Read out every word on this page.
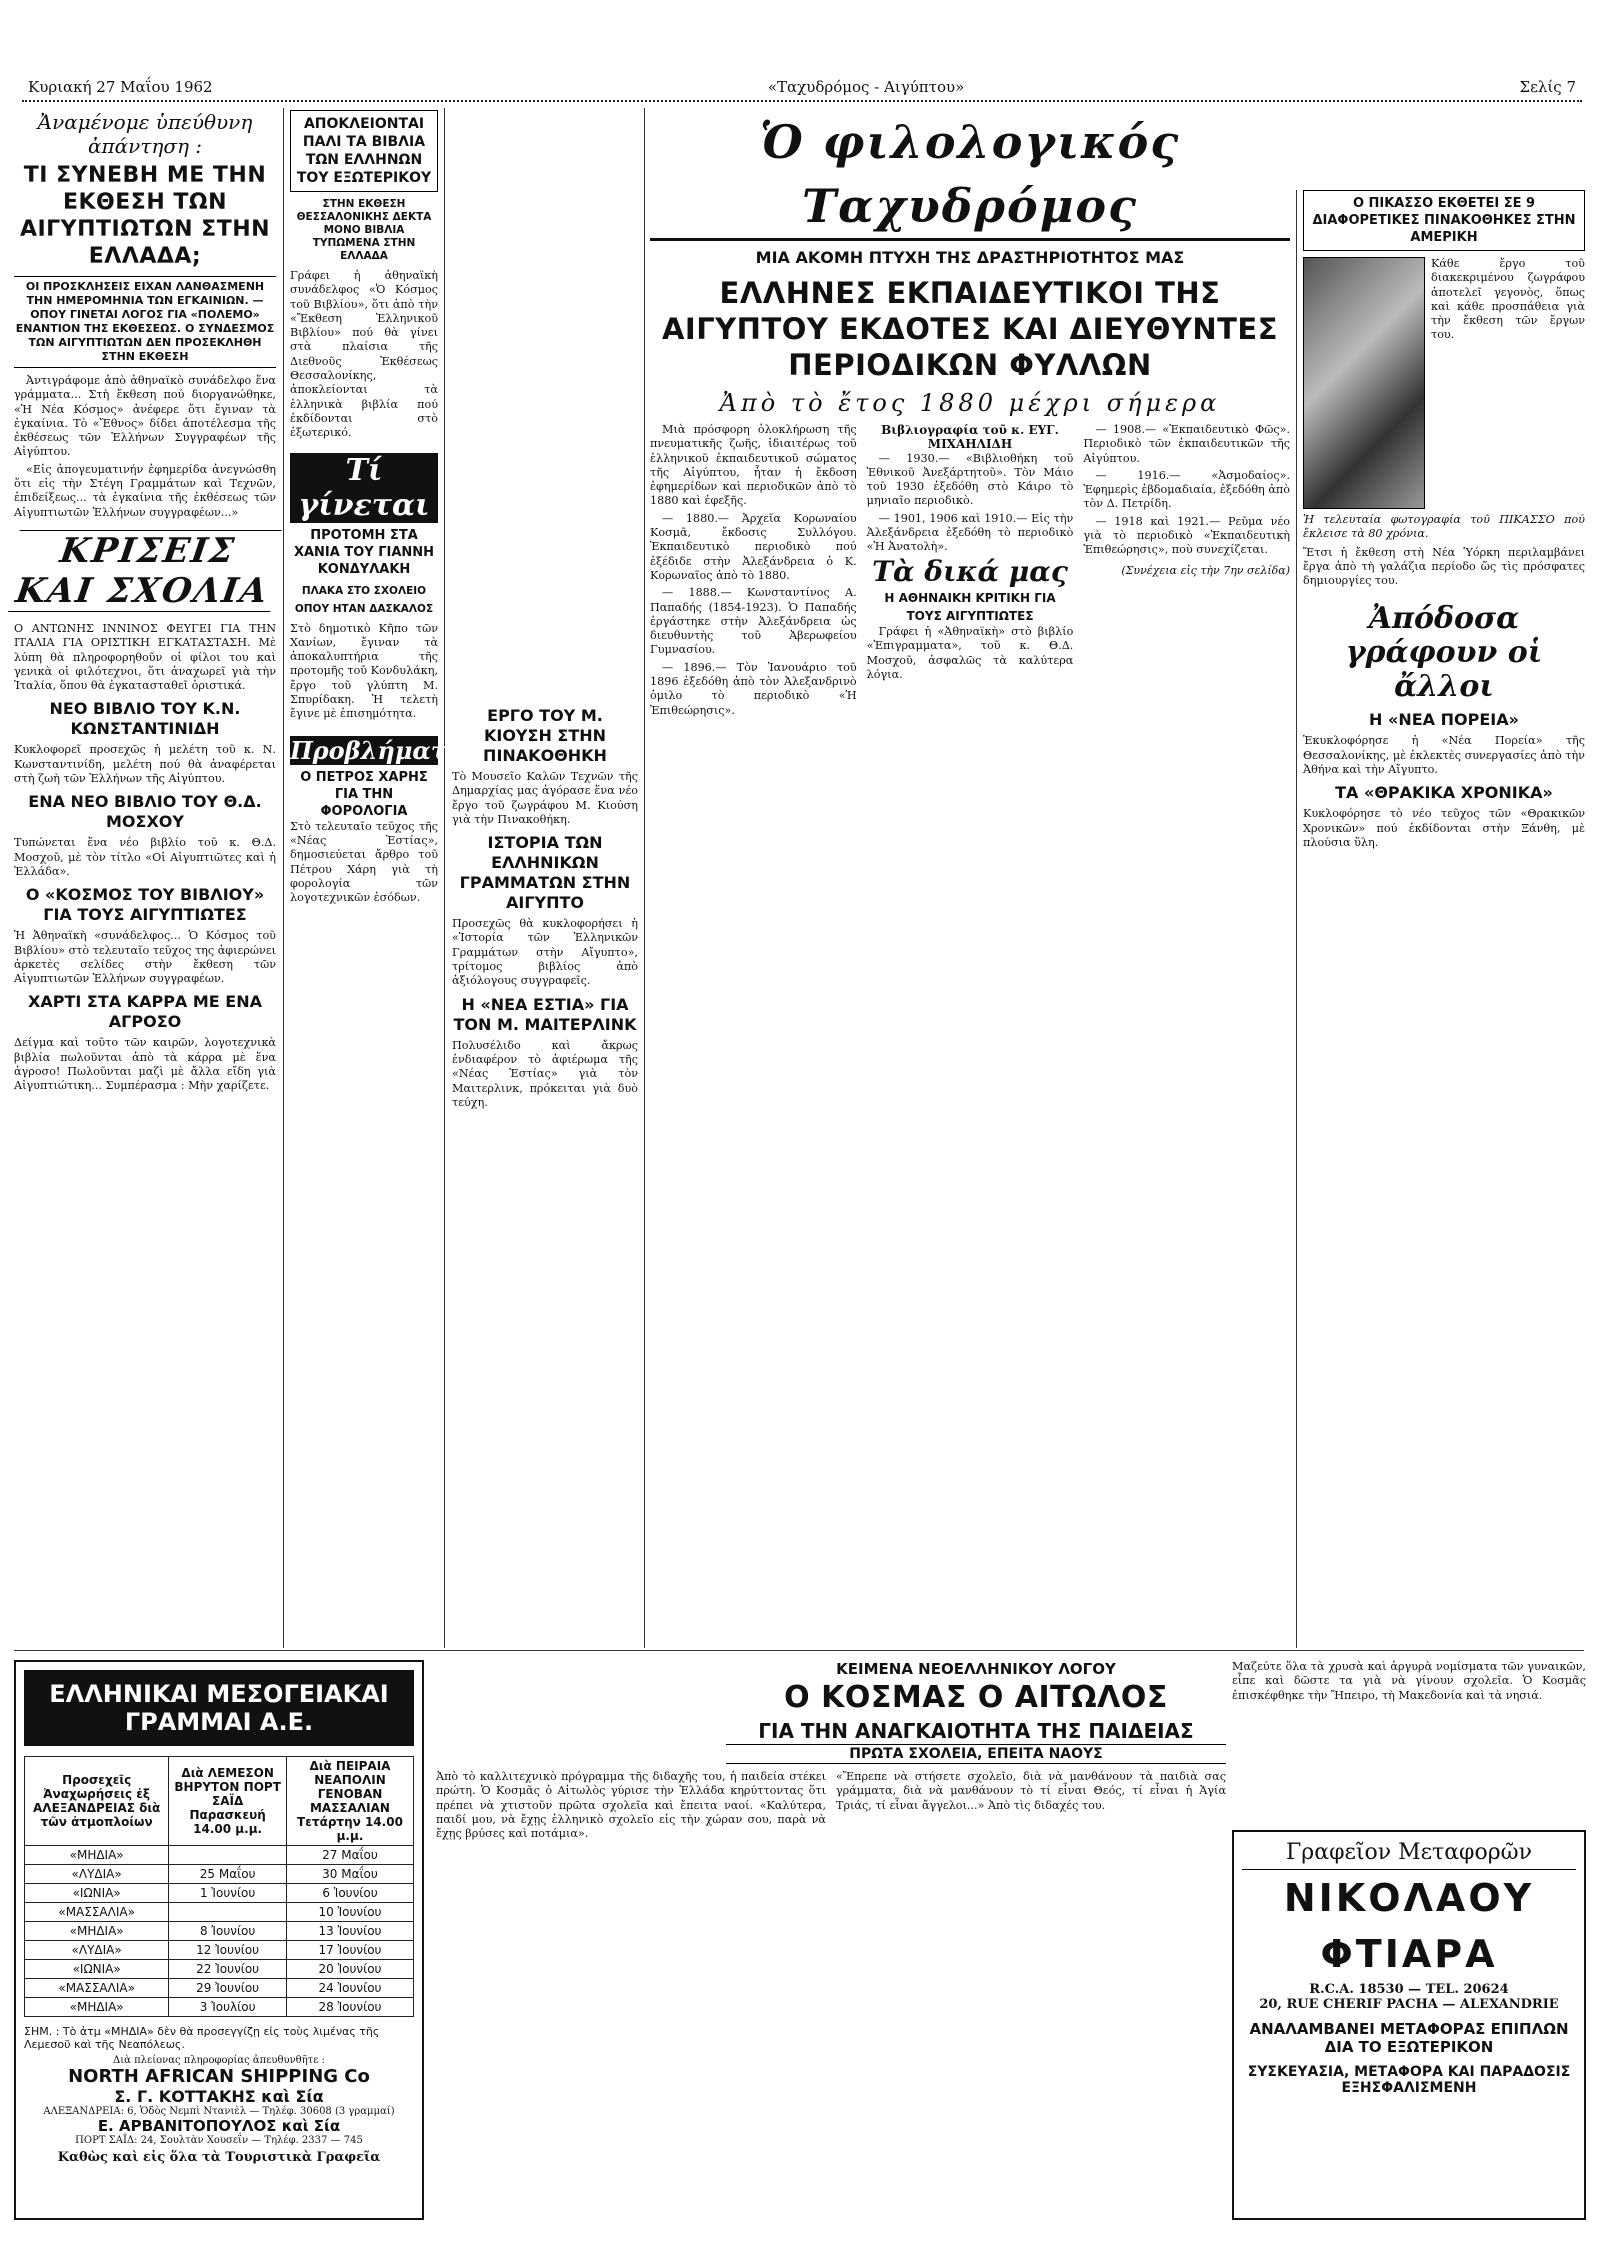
Κυριακή 27 Μαΐου 1962	«Ταχυδρόμος - Αιγύπτου»	Σελίς 7
Ἀναμένομε ὑπεύθυνη ἀπάντηση :
ΤΙ ΣΥΝΕΒΗ ΜΕ ΤΗΝ ΕΚΘΕΣΗ ΤΩΝ ΑΙΓΥΠΤΙΩΤΩΝ ΣΤΗΝ ΕΛΛΑΔΑ;
ΟΙ ΠΡΟΣΚΛΗΣΕΙΣ ΕΙΧΑΝ ΛΑΝΘΑΣΜΕΝΗ ΤΗΝ ΗΜΕΡΟΜΗΝΙΑ ΤΩΝ ΕΓΚΑΙΝΙΩΝ. — ΟΠΟΥ ΓΙΝΕΤΑΙ ΛΟΓΟΣ ΓΙΑ «ΠΟΛΕΜΟ» ΕΝΑΝΤΙΟΝ ΤΗΣ ΕΚΘΕΣΕΩΣ. Ο ΣΥΝΔΕΣΜΟΣ ΤΩΝ ΑΙΓΥΠΤΙΩΤΩΝ ΔΕΝ ΠΡΟΣΕΚΛΗΘΗ ΣΤΗΝ ΕΚΘΕΣΗ

Ἀντιγράφομε ἀπὸ ἀθηναϊκὸ συνάδελφο ἕνα γράμματα... Στὴ ἔκθεση πού διοργανώθηκε, «Ἡ Νέα Κόσμος» ἀνέφερε ὅτι ἔγιναν τὰ ἐγκαίνια. Τὸ «Ἔθνος» δίδει ἀποτέλεσμα τῆς ἐκθέσεως τῶν Ἑλλήνων Συγγραφέων τῆς Αἰγύπτου.

«Εἰς ἀπογευματινήν ἐφημερίδα ἀνεγνώσθη ὅτι εἰς τὴν Στέγη Γραμμάτων καὶ Τεχνῶν, ἐπιδείξεως... τὰ ἐγκαίνια τῆς ἐκθέσεως τῶν Αἰγυπτιωτῶν Ἑλλήνων συγγραφέων...»

ΚΡΙΣΕΙΣ ΚΑΙ ΣΧΟΛΙΑ
Ο ΑΝΤΩΝΗΣ ΙΝΝΙΝΟΣ ΦΕΥΓΕΙ ΓΙΑ ΤΗΝ ΙΤΑΛΙΑ ΓΙΑ ΟΡΙΣΤΙΚΗ ΕΓΚΑΤΑΣΤΑΣΗ. Μὲ λύπη θὰ πληροφορηθοῦν οἱ φίλοι του καὶ γενικὰ οἱ φιλότεχνοι, ὅτι ἀναχωρεῖ γιὰ τὴν Ἰταλία, ὅπου θὰ ἐγκατασταθεῖ ὁριστικά.
ΝΕΟ ΒΙΒΛΙΟ ΤΟΥ Κ.Ν. ΚΩΝΣΤΑΝΤΙΝΙΔΗ
Κυκλοφορεῖ προσεχῶς ἡ μελέτη τοῦ κ. Ν. Κωνσταντινίδη, μελέτη πού θὰ ἀναφέρεται στὴ ζωὴ τῶν Ἑλλήνων τῆς Αἰγύπτου.
ΕΝΑ ΝΕΟ ΒΙΒΛΙΟ ΤΟΥ Θ.Δ. ΜΟΣΧΟΥ
Τυπώνεται ἕνα νέο βιβλίο τοῦ κ. Θ.Δ. Μοσχοῦ, μὲ τὸν τίτλο «Οἱ Αἰγυπτιῶτες καὶ ἡ Ἑλλάδα».
Ο «ΚΟΣΜΟΣ ΤΟΥ ΒΙΒΛΙΟΥ» ΓΙΑ ΤΟΥΣ ΑΙΓΥΠΤΙΩΤΕΣ
Ἡ Ἀθηναϊκὴ «συνάδελφος... Ὁ Κόσμος τοῦ Βιβλίου» στὸ τελευταῖο τεῦχος της ἀφιερώνει ἀρκετὲς σελίδες στὴν ἔκθεση τῶν Αἰγυπτιωτῶν Ἑλλήνων συγγραφέων.
ΧΑΡΤΙ ΣΤΑ ΚΑΡΡΑ ΜΕ ΕΝΑ ΑΓΡΟΣΟ
Δείγμα καὶ τοῦτο τῶν καιρῶν, λογοτεχνικὰ βιβλία πωλοῦνται ἀπὸ τὰ κάρρα μὲ ἕνα ἀγροσο! Πωλοῦνται μαζὶ μὲ ἄλλα εἴδη γιὰ Αἰγυπτιώτικη... Συμπέρασμα : Μὴν χαρίζετε.
ΑΠΟΚΛΕΙΟΝΤΑΙ ΠΑΛΙ ΤΑ ΒΙΒΛΙΑ ΤΩΝ ΕΛΛΗΝΩΝ ΤΟΥ ΕΞΩΤΕΡΙΚΟΥ
ΣΤΗΝ ΕΚΘΕΣΗ ΘΕΣΣΑΛΟΝΙΚΗΣ ΔΕΚΤΑ ΜΟΝΟ ΒΙΒΛΙΑ ΤΥΠΩΜΕΝΑ ΣΤΗΝ ΕΛΛΑΔΑ
Γράφει ἡ ἀθηναϊκὴ συνάδελφος «Ὁ Κόσμος τοῦ Βιβλίου», ὅτι ἀπὸ τὴν «Ἔκθεση Ἑλληνικοῦ Βιβλίου» πού θὰ γίνει στὰ πλαίσια τῆς Διεθνοῦς Ἐκθέσεως Θεσσαλονίκης, ἀποκλείονται τὰ ἑλληνικὰ βιβλία πού ἐκδίδονται στὸ ἐξωτερικό.
Τί γίνεται
ΠΡΟΤΟΜΗ ΣΤΑ ΧΑΝΙΑ ΤΟΥ ΓΙΑΝΝΗ ΚΟΝΔΥΛΑΚΗ
ΠΛΑΚΑ ΣΤΟ ΣΧΟΛΕΙΟ ΟΠΟΥ ΗΤΑΝ ΔΑΣΚΑΛΟΣ
Στὸ δημοτικὸ Κῆπο τῶν Χανίων, ἔγιναν τὰ ἀποκαλυπτήρια τῆς προτομῆς τοῦ Κονδυλάκη, ἔργο τοῦ γλύπτη Μ. Σπυρίδακη. Ἡ τελετὴ ἔγινε μὲ ἐπισημότητα.
Προβλήματα
Ο ΠΕΤΡΟΣ ΧΑΡΗΣ ΓΙΑ ΤΗΝ ΦΟΡΟΛΟΓΙΑ
Στὸ τελευταῖο τεῦχος τῆς «Νέας Ἑστίας», δημοσιεύεται ἄρθρο τοῦ Πέτρου Χάρη γιὰ τὴ φορολογία τῶν λογοτεχνικῶν ἐσόδων.
ΕΡΓΟ ΤΟΥ Μ. ΚΙΟΥΣΗ ΣΤΗΝ ΠΙΝΑΚΟΘΗΚΗ
Τὸ Μουσεῖο Καλῶν Τεχνῶν τῆς Δημαρχίας μας ἀγόρασε ἕνα νέο ἔργο τοῦ ζωγράφου Μ. Κιούση γιὰ τὴν Πινακοθήκη.
ΙΣΤΟΡΙΑ ΤΩΝ ΕΛΛΗΝΙΚΩΝ ΓΡΑΜΜΑΤΩΝ ΣΤΗΝ ΑΙΓΥΠΤΟ
Προσεχῶς θὰ κυκλοφορήσει ἡ «Ἱστορία τῶν Ἑλληνικῶν Γραμμάτων στὴν Αἴγυπτο», τρίτομος βιβλίος ἀπὸ ἀξιόλογους συγγραφεῖς.
Η «ΝΕΑ ΕΣΤΙΑ» ΓΙΑ ΤΟΝ Μ. ΜΑΙΤΕΡΛΙΝΚ
Πολυσέλιδο καὶ ἄκρως ἐνδιαφέρον τὸ ἀφιέρωμα τῆς «Νέας Ἑστίας» γιὰ τὸν Μαιτερλινκ, πρόκειται γιὰ δυὸ τεύχη.
Ὁ φιλολογικός Ταχυδρόμος
ΜΙΑ ΑΚΟΜΗ ΠΤΥΧΗ ΤΗΣ ΔΡΑΣΤΗΡΙΟΤΗΤΟΣ ΜΑΣ
ΕΛΛΗΝΕΣ ΕΚΠΑΙΔΕΥΤΙΚΟΙ ΤΗΣ ΑΙΓΥΠΤΟΥ ΕΚΔΟΤΕΣ ΚΑΙ ΔΙΕΥΘΥΝΤΕΣ ΠΕΡΙΟΔΙΚΩΝ ΦΥΛΛΩΝ
Ἀπὸ τὸ ἔτος 1880 μέχρι σήμερα

Μιὰ πρόσφορη ὁλοκλήρωση τῆς πνευματικῆς ζωῆς, ἰδιαιτέρως τοῦ ἑλληνικοῦ ἐκπαιδευτικοῦ σώματος τῆς Αἰγύπτου, ἦταν ἡ ἔκδοση ἐφημερίδων καὶ περιοδικῶν ἀπὸ τὸ 1880 καὶ ἐφεξῆς.

— 1880.— Ἀρχεῖα Κορωναίου Κοσμᾶ, ἔκδοσις Συλλόγου. Ἐκπαιδευτικὸ περιοδικὸ πού ἐξέδιδε στὴν Ἀλεξάνδρεια ὁ Κ. Κορωναῖος ἀπὸ τὸ 1880.

— 1888.— Κωνσταντίνος Α. Παπαδής (1854-1923). Ὁ Παπαδής ἐργάστηκε στὴν Ἀλεξάνδρεια ὡς διευθυντὴς τοῦ Ἀβερωφείου Γυμνασίου.

— 1896.— Τὸν Ἰανουάριο τοῦ 1896 ἐξεδόθη ἀπὸ τὸν Ἀλεξανδρινὸ ὁμιλο τὸ περιοδικὸ «Ἡ Ἐπιθεώρησις».

Βιβλιογραφία τοῦ κ. ΕΥΓ. ΜΙΧΑΗΛΙΔΗ

— 1930.— «Βιβλιοθήκη τοῦ Ἐθνικοῦ Ἀνεξάρτητοῦ». Τὸν Μάιο τοῦ 1930 ἐξεδόθη στὸ Κάιρο τὸ μηνιαῖο περιοδικὸ.

— 1901, 1906 καὶ 1910.— Εἰς τὴν Ἀλεξάνδρεια ἐξεδόθη τὸ περιοδικὸ «Ἡ Ἀνατολὴ».

Τὰ δικά μας
Η ΑΘΗΝΑΙΚΗ ΚΡΙΤΙΚΗ ΓΙΑ ΤΟΥΣ ΑΙΓΥΠΤΙΩΤΕΣ

Γράφει ἡ «Ἀθηναϊκὴ» στὸ βιβλίο «Ἐπιγραμματα», τοῦ κ. Θ.Δ. Μοσχοῦ, ἀσφαλῶς τὰ καλύτερα λόγια.

— 1908.— «Ἐκπαιδευτικὸ Φῶς». Περιοδικὸ τῶν ἐκπαιδευτικῶν τῆς Αἰγύπτου.

— 1916.— «Ἀσμοδαίος». Ἐφημερὶς ἐβδομαδιαία, ἐξεδόθη ἀπὸ τὸν Δ. Πετρίδη.

— 1918 καὶ 1921.— Ρεῦμα νέο γιὰ τὸ περιοδικὸ «Ἐκπαιδευτικὴ Ἐπιθεώρησις», ποὺ συνεχίζεται.

(Συνέχεια εἰς τὴν 7ην σελίδα)
Ο ΠΙΚΑΣΣΟ ΕΚΘΕΤΕΙ ΣΕ 9 ΔΙΑΦΟΡΕΤΙΚΕΣ ΠΙΝΑΚΟΘΗΚΕΣ ΣΤΗΝ ΑΜΕΡΙΚΗ
Κάθε ἔργο τοῦ διακεκριμένου ζωγράφου ἀποτελεῖ γεγονὸς, ὅπως καὶ κάθε προσπάθεια γιὰ τὴν ἔκθεση τῶν ἔργων του.
Ἡ τελευταία φωτογραφία τοῦ ΠΙΚΑΣΣΟ πού ἔκλεισε τὰ 80 χρόνια.
Ἔτσι ἡ ἔκθεση στὴ Νέα Ὑόρκη περιλαμβάνει ἔργα ἀπὸ τὴ γαλάζια περίοδο ὥς τὶς πρόσφατες δημιουργίες του.
Ἀπόδοσα γράφουν οἱ ἄλλοι
Η «ΝΕΑ ΠΟΡΕΙΑ»
Ἐκυκλοφόρησε ἡ «Νέα Πορεία» τῆς Θεσσαλονίκης, μὲ ἐκλεκτὲς συνεργασίες ἀπὸ τὴν Ἀθήνα καὶ τὴν Αἴγυπτο.
ΤΑ «ΘΡΑΚΙΚΑ ΧΡΟΝΙΚΑ»
Κυκλοφόρησε τὸ νέο τεῦχος τῶν «Θρακικῶν Χρονικῶν» πού ἐκδίδονται στὴν Ξάνθη, μὲ πλούσια ὕλη.
ΕΛΛΗΝΙΚΑΙ ΜΕΣΟΓΕΙΑΚΑΙ ΓΡΑΜΜΑΙ Α.Ε.
Προσεχεῖς Ἀναχωρήσεις ἐξ ΑΛΕΞΑΝΔΡΕΙΑΣ διὰ τῶν ἀτμοπλοίων	Διὰ ΛΕΜΕΣΟΝ ΒΗΡΥΤΟΝ ΠΟΡΤ ΣΑΪΔ Παρασκευή 14.00 μ.μ.	Διὰ ΠΕΙΡΑΙΑ ΝΕΑΠΟΛΙΝ ΓΕΝΟΒΑΝ ΜΑΣΣΑΛΙΑΝ Τετάρτην 14.00 μ.μ.
«ΜΗΔΙΑ»		27 Μαΐου
«ΛΥΔΙΑ»	25 Μαΐου	30 Μαΐου
«ΙΩΝΙΑ»	1 Ἰουνίου	6 Ἰουνίου
«ΜΑΣΣΑΛΙΑ»		10 Ἰουνίου
«ΜΗΔΙΑ»	8 Ἰουνίου	13 Ἰουνίου
«ΛΥΔΙΑ»	12 Ἰουνίου	17 Ἰουνίου
«ΙΩΝΙΑ»	22 Ἰουνίου	20 Ἰουνίου
«ΜΑΣΣΑΛΙΑ»	29 Ἰουνίου	24 Ἰουνίου
«ΜΗΔΙΑ»	3 Ἰουλίου	28 Ἰουνίου
ΣΗΜ. : Τὸ ἀτμ «ΜΗΔΙΑ» δὲν θὰ προσεγγίζῃ εἰς τοὺς λιμένας τῆς Λεμεσοῦ καὶ τῆς Νεαπόλεως.
Διὰ πλείονας πληροφορίας ἀπευθυνθῆτε :
NORTH AFRICAN SHIPPING Co
Σ. Γ. ΚΟΤΤΑΚΗΣ καὶ Σία
ΑΛΕΞΑΝΔΡΕΙΑ: 6, Ὁδὸς Νεμπὶ Ντανιὲλ — Τηλέφ. 30608 (3 γραμμαί)
Ε. ΑΡΒΑΝΙΤΟΠΟΥΛΟΣ καὶ Σία
ΠΟΡΤ ΣΑΪΔ: 24, Σουλτὰν Χουσεΐν — Τηλέφ. 2337 — 745
Καθὼς καὶ εἰς ὅλα τὰ Τουριστικὰ Γραφεῖα
ΚΕΙΜΕΝΑ ΝΕΟΕΛΛΗΝΙΚΟΥ ΛΟΓΟΥ
Ο ΚΟΣΜΑΣ Ο ΑΙΤΩΛΟΣ
ΓΙΑ ΤΗΝ ΑΝΑΓΚΑΙΟΤΗΤΑ ΤΗΣ ΠΑΙΔΕΙΑΣ
ΠΡΩΤΑ ΣΧΟΛΕΙΑ, ΕΠΕΙΤΑ ΝΑΟΥΣ
Ἀπὸ τὸ καλλιτεχνικὸ πρόγραμμα τῆς διδαχῆς του, ἡ παιδεία στέκει πρώτη. Ὁ Κοσμᾶς ὁ Αἰτωλὸς γύρισε τὴν Ἑλλάδα κηρύττοντας ὅτι πρέπει νὰ χτιστοῦν πρῶτα σχολεῖα καὶ ἔπειτα ναοί. «Καλύτερα, παιδί μου, νὰ ἔχῃς ἑλληνικὸ σχολεῖο εἰς τὴν χώραν σου, παρὰ νὰ ἔχῃς βρύσες καὶ ποτάμια».
«Ἔπρεπε νὰ στήσετε σχολεῖο, διὰ νὰ μανθάνουν τὰ παιδιὰ σας γράμματα, διὰ νὰ μανθάνουν τὸ τί εἶναι Θεός, τί εἶναι ἡ Ἁγία Τριάς, τί εἶναι ἄγγελοι...» Ἀπὸ τὶς διδαχές του.
Μαζεύτε ὅλα τὰ χρυσὰ καὶ ἀργυρὰ νομίσματα τῶν γυναικῶν, εἶπε καὶ δῶστε τα γιὰ νὰ γίνουν σχολεῖα. Ὁ Κοσμᾶς ἐπισκέφθηκε τὴν Ἤπειρο, τὴ Μακεδονία καὶ τὰ νησιά.
Γραφεῖον Μεταφορῶν
ΝΙΚΟΛΑΟΥ ΦΤΙΑΡΑ
R.C.A. 18530 — TEL. 20624
20, RUE CHERIF PACHA — ALEXANDRIE
ΑΝΑΛΑΜΒΑΝΕΙ ΜΕΤΑΦΟΡΑΣ ΕΠΙΠΛΩΝ
ΔΙΑ ΤΟ ΕΞΩΤΕΡΙΚΟΝ
ΣΥΣΚΕΥΑΣΙΑ, ΜΕΤΑΦΟΡΑ ΚΑΙ ΠΑΡΑΔΟΣΙΣ
ΕΞΗΣΦΑΛΙΣΜΕΝΗ
